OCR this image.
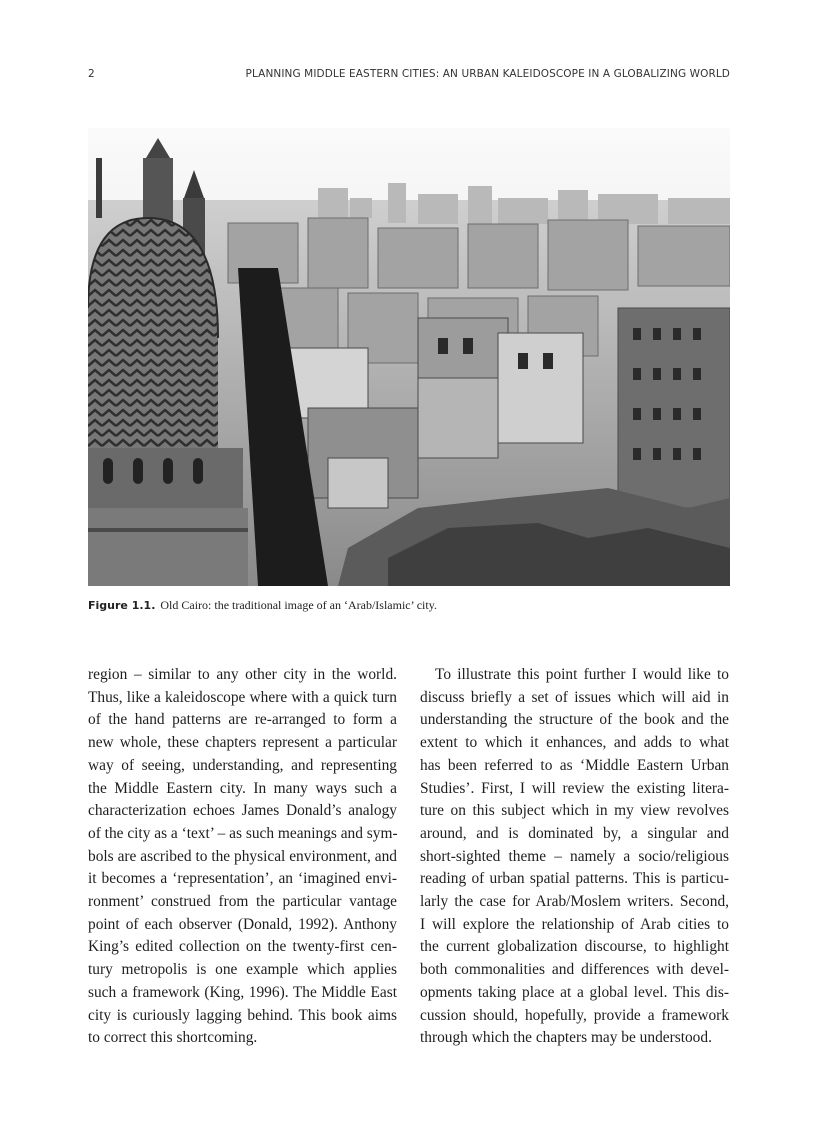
2	PLANNING MIDDLE EASTERN CITIES: AN URBAN KALEIDOSCOPE IN A GLOBALIZING WORLD
Figure 1.1. Old Cairo: the traditional image of an ‘Arab/Islamic’ city.
region – similar to any other city in the world.
Thus, like a kaleidoscope where with a quick turn
of the hand patterns are re-arranged to form a
new whole, these chapters represent a particular
way of seeing, understanding, and representing
the Middle Eastern city. In many ways such a
characterization echoes James Donald’s analogy
of the city as a ‘text’ – as such meanings and sym-
bols are ascribed to the physical environment, and
it becomes a ‘representation’, an ‘imagined envi-
ronment’ construed from the particular vantage
point of each observer (Donald, 1992). Anthony
King’s edited collection on the twenty-first cen-
tury metropolis is one example which applies
such a framework (King, 1996). The Middle East
city is curiously lagging behind. This book aims
to correct this shortcoming.
To illustrate this point further I would like to
discuss briefly a set of issues which will aid in
understanding the structure of the book and the
extent to which it enhances, and adds to what
has been referred to as ‘Middle Eastern Urban
Studies’. First, I will review the existing litera-
ture on this subject which in my view revolves
around, and is dominated by, a singular and
short-sighted theme – namely a socio/religious
reading of urban spatial patterns. This is particu-
larly the case for Arab/Moslem writers. Second,
I will explore the relationship of Arab cities to
the current globalization discourse, to highlight
both commonalities and differences with devel-
opments taking place at a global level. This dis-
cussion should, hopefully, provide a framework
through which the chapters may be understood.
